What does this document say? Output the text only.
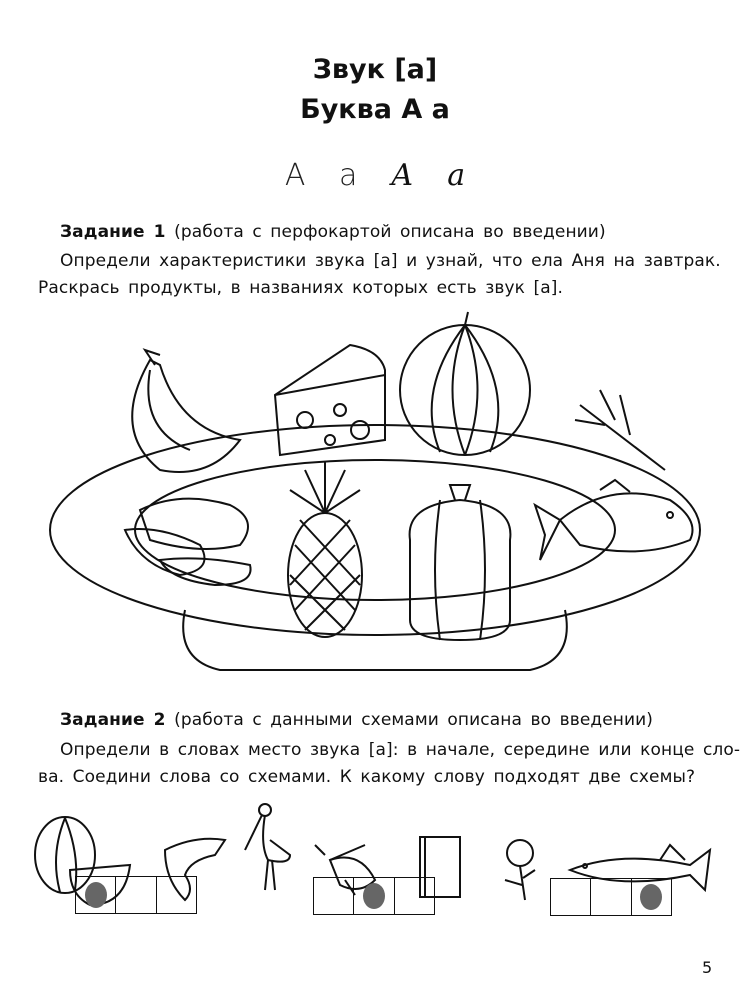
Звук [а]
Буква А а
А а А а
Задание 1 (работа с перфокартой описана во введении)
Определи характеристики звука [а] и узнай, что ела Аня на завтрак.
Раскрась продукты, в названиях которых есть звук [а].
Задание 2 (работа с данными схемами описана во введении)
Определи в словах место звука [а]: в начале, середине или конце сло-
ва. Соедини слова со схемами. К какому слову подходят две схемы?
5
